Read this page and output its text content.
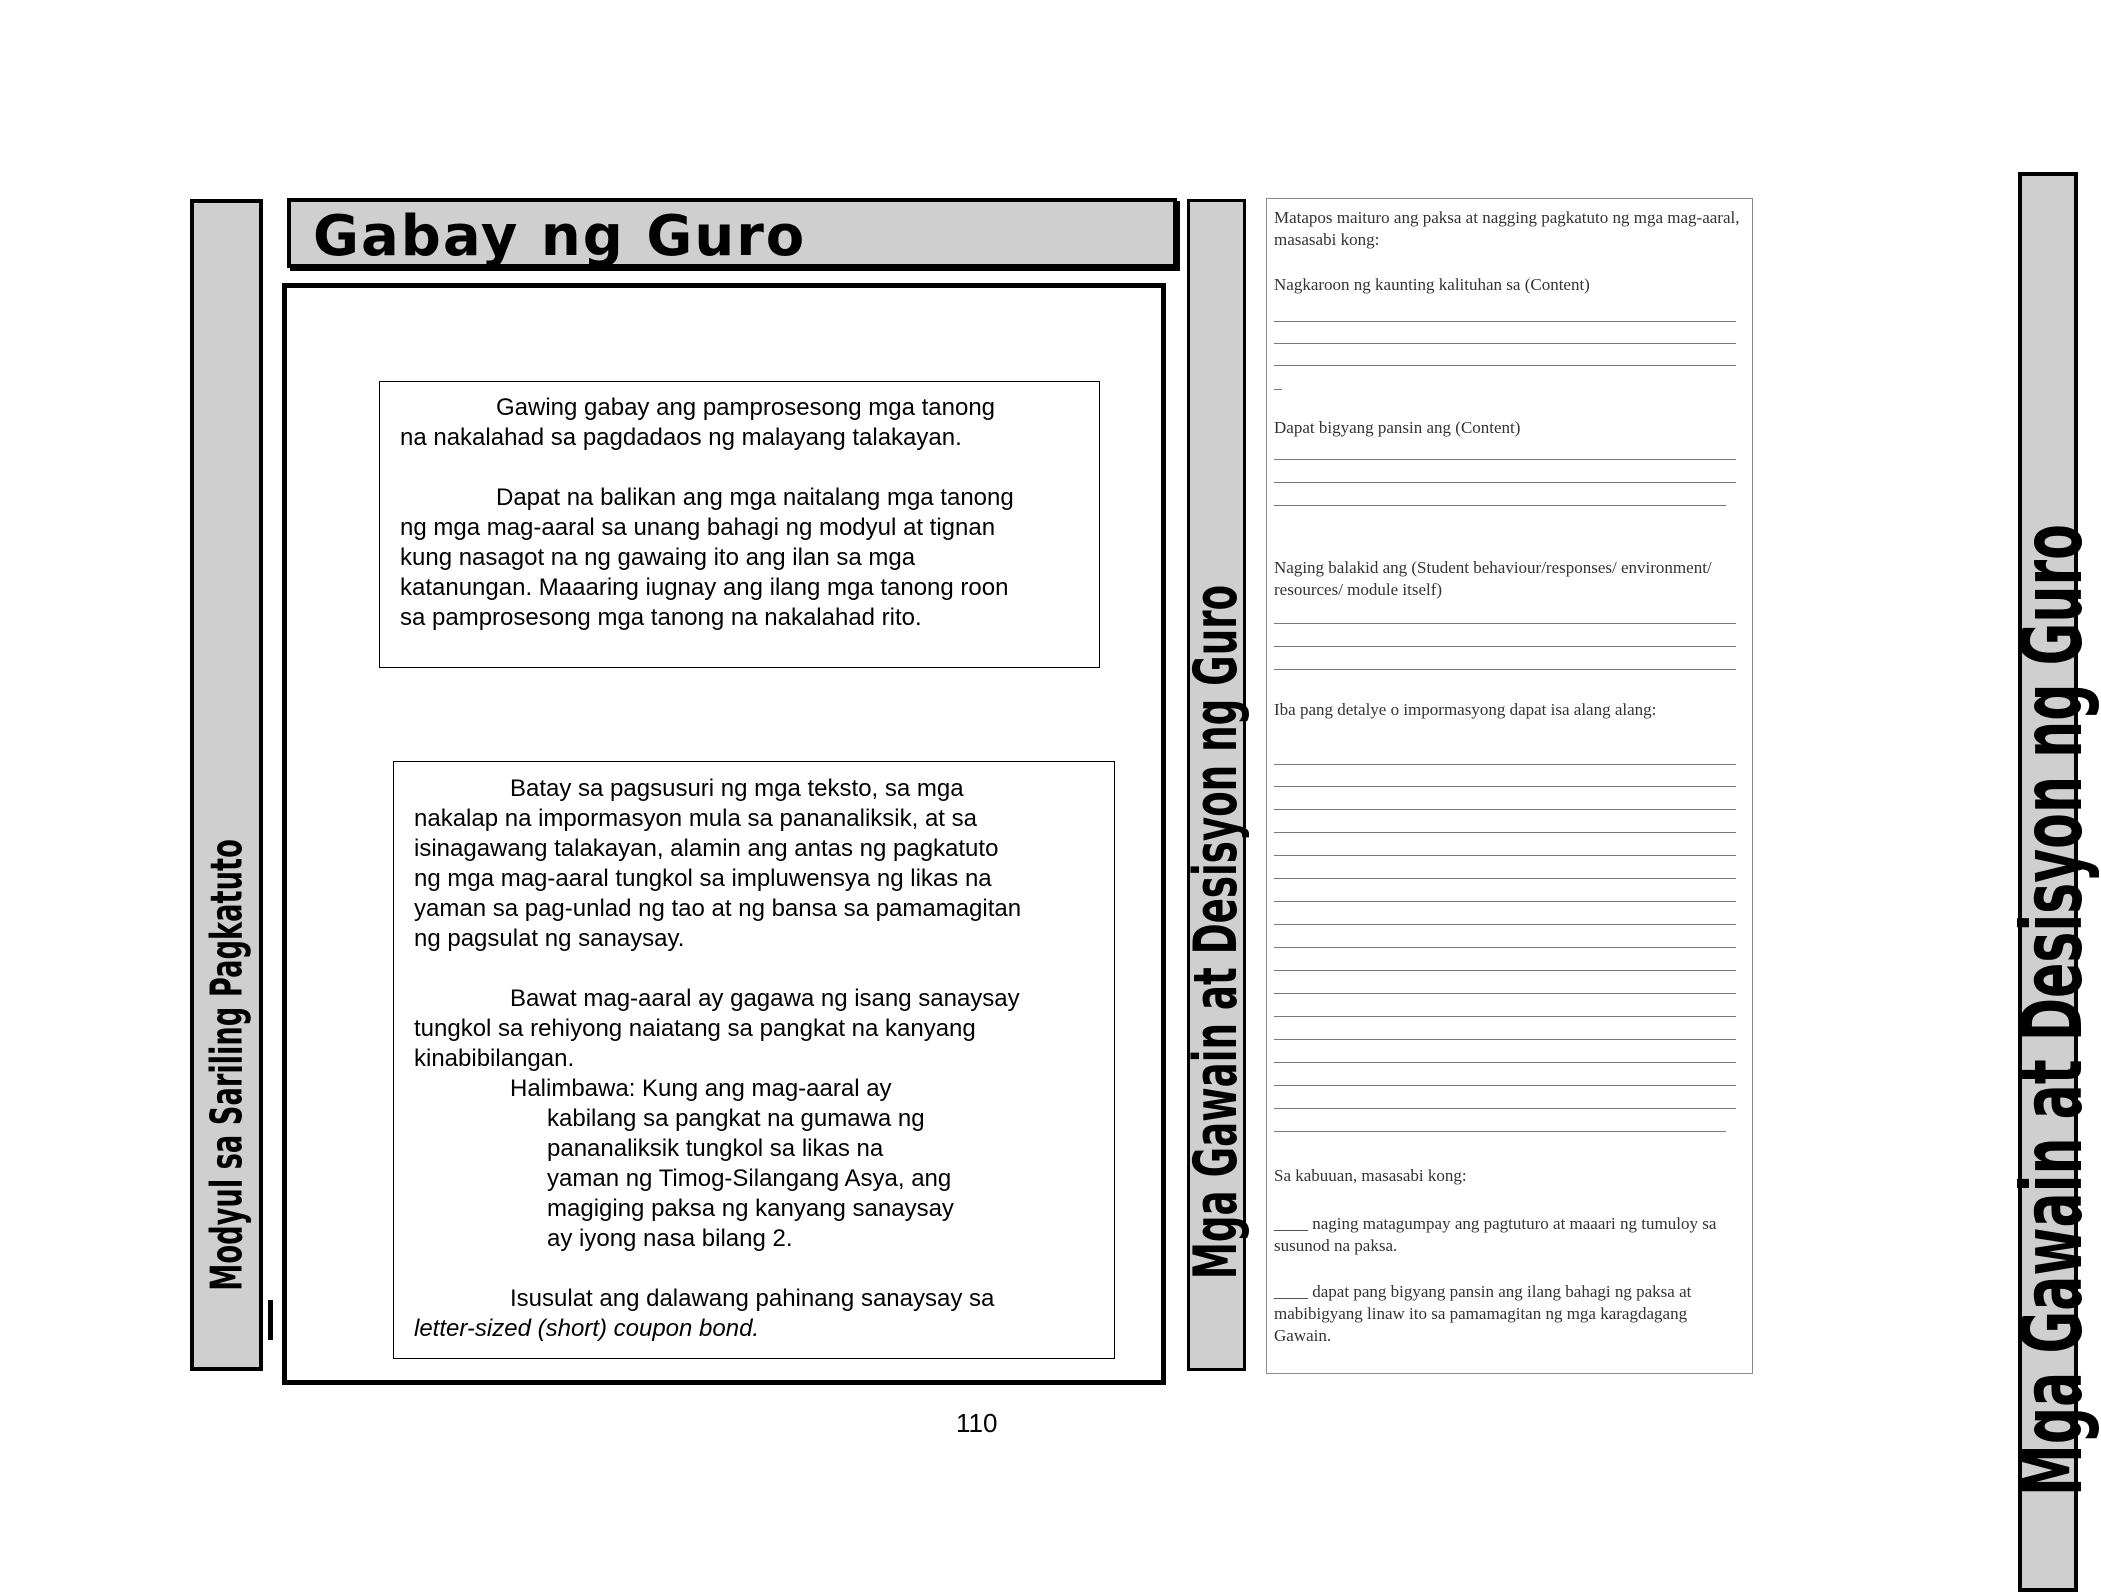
Modyul sa Sariling Pagkatuto
Gabay ng Guro

Gawing gabay ang pamprosesong mga tanong

na nakalahad sa pagdadaos ng malayang talakayan.

Dapat na balikan ang mga naitalang mga tanong

ng mga mag-aaral sa unang bahagi ng modyul at tignan

kung nasagot na ng gawaing ito ang ilan sa mga

katanungan. Maaaring iugnay ang ilang mga tanong roon

sa pamprosesong mga tanong na nakalahad rito.

Batay sa pagsusuri ng mga teksto, sa mga

nakalap na impormasyon mula sa pananaliksik, at sa

isinagawang talakayan, alamin ang antas ng pagkatuto

ng mga mag-aaral tungkol sa impluwensya ng likas na

yaman sa pag-unlad ng tao at ng bansa sa pamamagitan

ng pagsulat ng sanaysay.

Bawat mag-aaral ay gagawa ng isang sanaysay

tungkol sa rehiyong naiatang sa pangkat na kanyang

kinabibilangan.

Halimbawa: Kung ang mag-aaral ay

kabilang sa pangkat na gumawa ng

pananaliksik tungkol sa likas na

yaman ng Timog-Silangang Asya, ang

magiging paksa ng kanyang sanaysay

ay iyong nasa bilang 2.

Isusulat ang dalawang pahinang sanaysay sa

letter-sized (short) coupon bond.

Mga Gawain at Desisyon ng Guro
Matapos maituro ang paksa at nagging pagkatuto ng mga mag-aaral, masasabi kong:
Nagkaroon ng kaunting kalituhan sa (Content)
Dapat bigyang pansin ang (Content)
Naging balakid ang (Student behaviour/responses/ environment/ resources/ module itself)
Iba pang detalye o impormasyong dapat isa alang alang:
Sa kabuuan, masasabi kong:
____ naging matagumpay ang pagtuturo at maaari ng tumuloy sa susunod na paksa.
____ dapat pang bigyang pansin ang ilang bahagi ng paksa at mabibigyang linaw ito sa pamamagitan ng mga karagdagang Gawain.	Mga Gawain at Desisyon ng Guro
110
